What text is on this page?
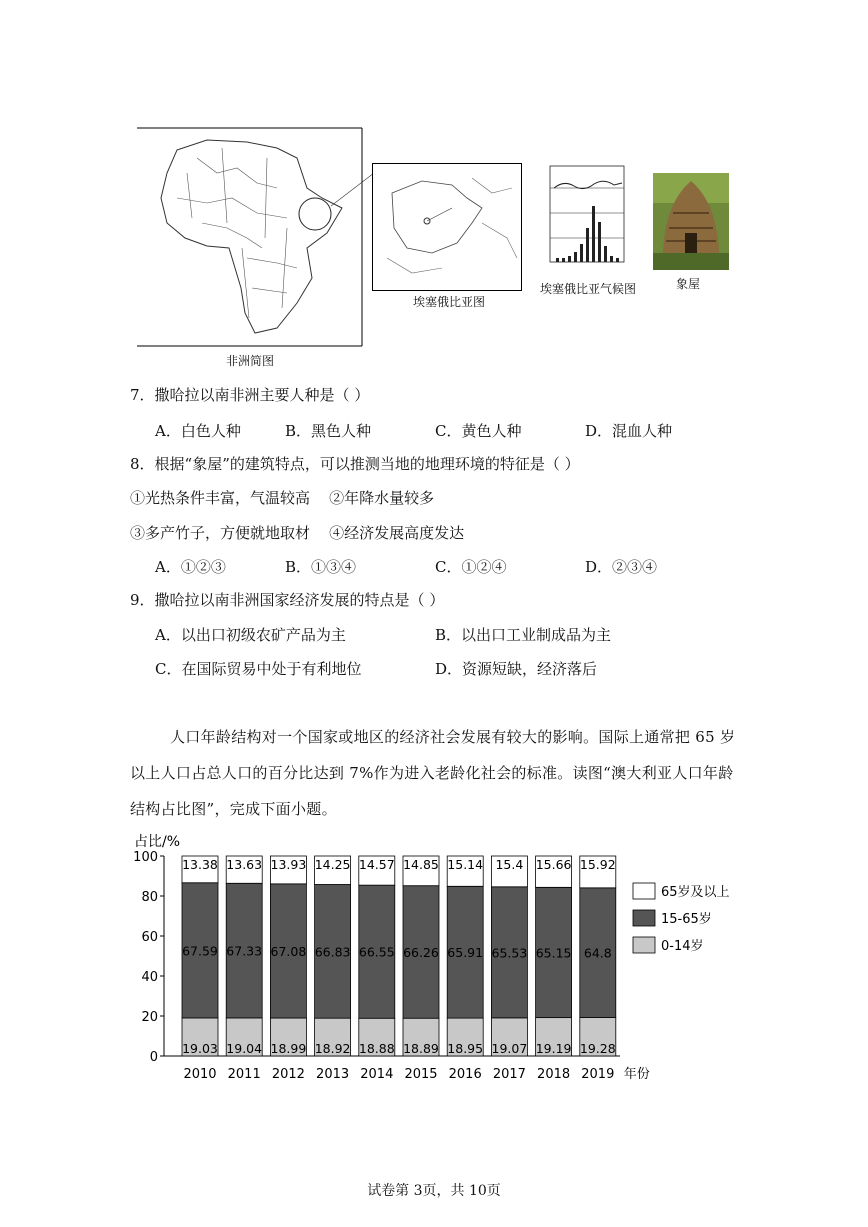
非洲简图
埃塞俄比亚图
埃塞俄比亚气候图	象屋
7．撒哈拉以南非洲主要人种是（ ）
A．白色人种	B．黑色人种	C．黄色人种	D．混血人种
8．根据“象屋”的建筑特点，可以推测当地的地理环境的特征是（ ）
①光热条件丰富，气温较高    ②年降水量较多
③多产竹子，方便就地取材    ④经济发展高度发达
A．①②③	B．①③④	C．①②④	D．②③④
9．撒哈拉以南非洲国家经济发展的特点是（ ）
A．以出口初级农矿产品为主	B．以出口工业制成品为主
C．在国际贸易中处于有利地位	D．资源短缺，经济落后
人口年龄结构对一个国家或地区的经济社会发展有较大的影响。国际上通常把 65 岁
以上人口占总人口的百分比达到 7%作为进入老龄化社会的标准。读图“澳大利亚人口年龄
结构占比图”，完成下面小题。
占比/%
0
20
40
60
80
100
19.03
67.59
13.38
2010
19.04
67.33
13.63
2011
18.99
67.08
13.93
2012
18.92
66.83
14.25
2013
18.88
66.55
14.57
2014
18.89
66.26
14.85
2015
18.95
65.91
15.14
2016
19.07
65.53
15.4
2017
19.19
65.15
15.66
2018
19.28
64.8
15.92
2019 年份
65岁及以上
15-65岁
0-14岁
试卷第 3页，共 10页
